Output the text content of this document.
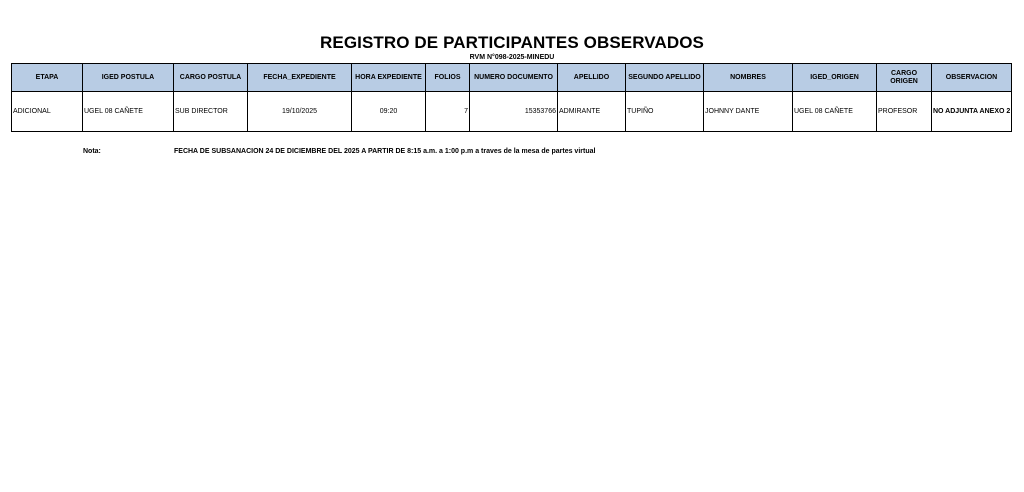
REGISTRO DE PARTICIPANTES OBSERVADOS
RVM N°098-2025-MINEDU
ETAPA	IGED POSTULA	CARGO POSTULA	FECHA_EXPEDIENTE	HORA EXPEDIENTE	FOLIOS	NUMERO DOCUMENTO	APELLIDO	SEGUNDO APELLIDO	NOMBRES	IGED_ORIGEN	CARGO ORIGEN	OBSERVACION
ADICIONAL	UGEL 08 CAÑETE	SUB DIRECTOR	19/10/2025	09:20	7	15353766	ADMIRANTE	TUPIÑO	JOHNNY DANTE	UGEL 08 CAÑETE	PROFESOR	NO ADJUNTA ANEXO 2
Nota:	FECHA DE SUBSANACION 24 DE DICIEMBRE DEL 2025 A PARTIR DE 8:15 a.m. a 1:00 p.m a traves de la mesa de partes virtual
